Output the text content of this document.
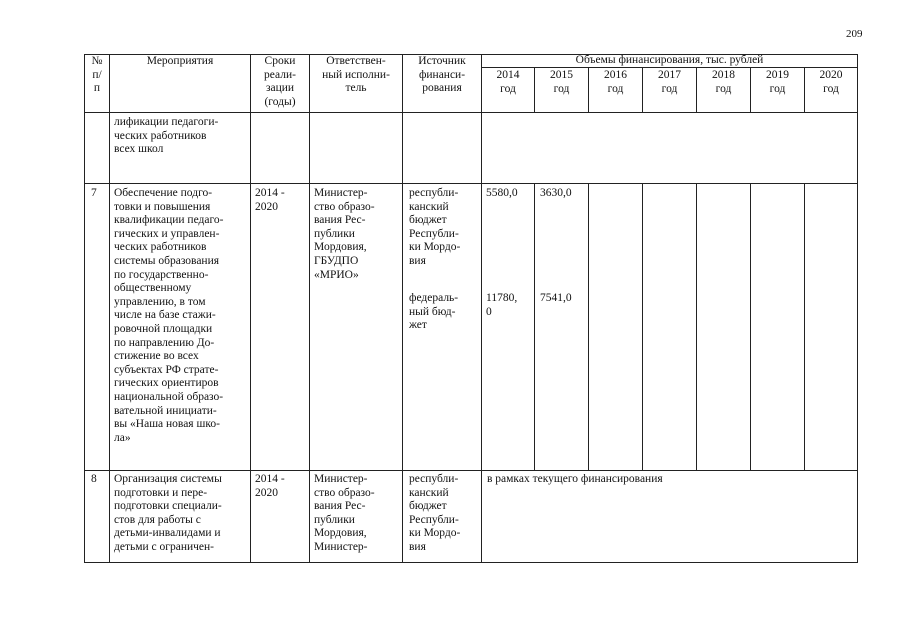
209
№
п/
п
Мероприятия	Сроки
реали-
зации
(годы)
Ответствен-
ный исполни-
тель
Источник
финанси-
рования
Объемы финансирования, тыс. рублей
2014
год
2015
год
2016
год
2017
год
2018
год
2019
год
2020
год
лификации педагоги-
ческих работников
всех школ
7 Обеспечение подго-
товки и повышения
квалификации педаго-
гических и управлен-
ческих работников
системы образования
по государственно-
общественному
управлению, в том
числе на базе стажи-
ровочной площадки
по направлению До-
стижение во всех
субъектах РФ страте-
гических ориентиров
национальной образо-
вательной инициати-
вы «Наша новая шко-
ла»
2014 -
2020
Министер-
ство образо-
вания Рес-
публики
Мордовия,
ГБУДПО
«МРИО»
республи-
канский
бюджет
Республи-
ки Мордо-
вия
федераль-
ный бюд-
жет
5580,0 3630,0
11780,
0
7541,0
8 Организация системы
подготовки и пере-
подготовки специали-
стов для работы с
детьми-инвалидами и
детьми с ограничен-
2014 -
2020
Министер-
ство образо-
вания Рес-
публики
Мордовия,
Министер-
республи-
канский
бюджет
Республи-
ки Мордо-
вия
в рамках текущего финансирования
